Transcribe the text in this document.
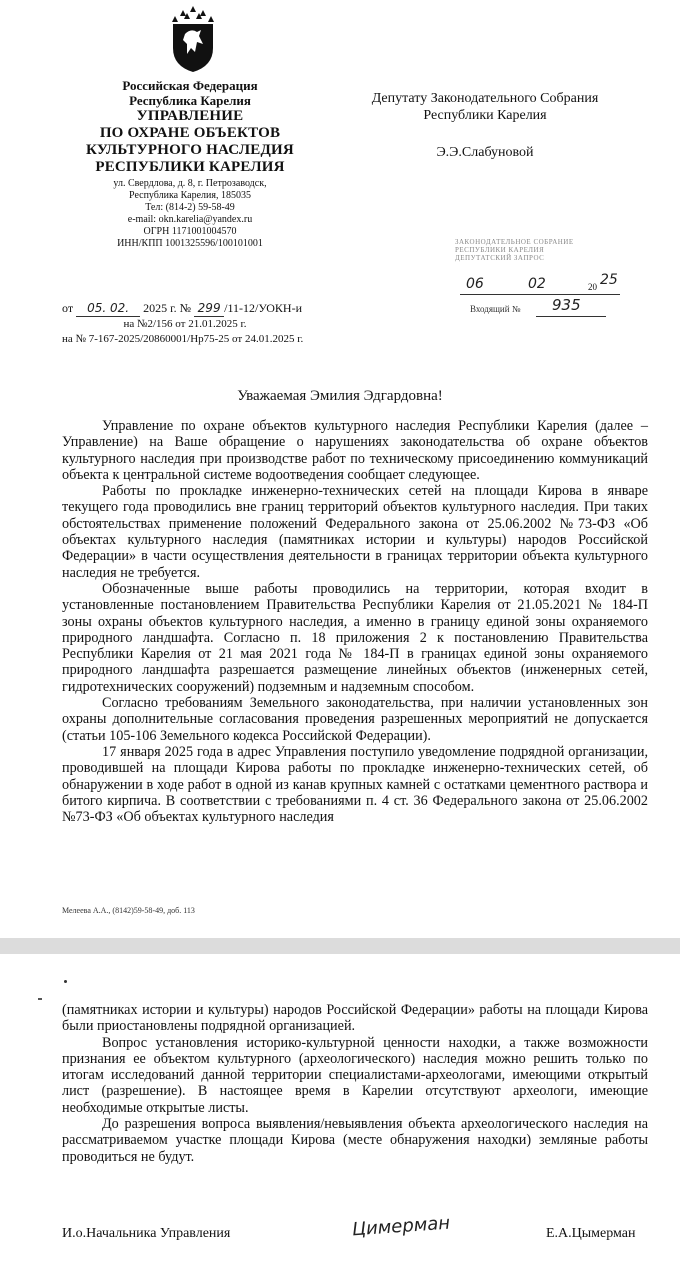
Российская Федерация
Республика Карелия
УПРАВЛЕНИЕ
ПО ОХРАНЕ ОБЪЕКТОВ
КУЛЬТУРНОГО НАСЛЕДИЯ
РЕСПУБЛИКИ КАРЕЛИЯ
ул. Свердлова, д. 8, г. Петрозаводск,
Республика Карелия, 185035
Тел: (814-2) 59-58-49
e-mail: okn.karelia@yandex.ru
ОГРН 1171001004570
ИНН/КПП 1001325596/100101001
Депутату Законодательного Собрания
Республики Карелия
Э.Э.Слабуновой
ЗАКОНОДАТЕЛЬНОЕ СОБРАНИЕ
РЕСПУБЛИКИ КАРЕЛИЯ
ДЕПУТАТСКИЙ ЗАПРОС
06	02	20 25
Входящий № 935
от 05. 02. 2025 г. № 299 /11-12/УОКН-и
на №2/156 от 21.01.2025 г.
на № 7-167-2025/20860001/Нр75-25 от 24.01.2025 г.
Уважаемая Эмилия Эдгардовна!

Управление по охране объектов культурного наследия Республики Карелия (далее – Управление) на Ваше обращение о нарушениях законодательства об охране объектов культурного наследия при производстве работ по техническому присоединению коммуникаций объекта к центральной системе водоотведения сообщает следующее.

Работы по прокладке инженерно-технических сетей на площади Кирова в январе текущего года проводились вне границ территорий объектов культурного наследия. При таких обстоятельствах применение положений Федерального закона от 25.06.2002 №73-ФЗ «Об объектах культурного наследия (памятниках истории и культуры) народов Российской Федерации» в части осуществления деятельности в границах территории объекта культурного наследия не требуется.

Обозначенные выше работы проводились на территории, которая входит в установленные постановлением Правительства Республики Карелия от 21.05.2021 № 184-П зоны охраны объектов культурного наследия, а именно в границу единой зоны охраняемого природного ландшафта. Согласно п. 18 приложения 2 к постановлению Правительства Республики Карелия от 21 мая 2021 года № 184-П в границах единой зоны охраняемого природного ландшафта разрешается размещение линейных объектов (инженерных сетей, гидротехнических сооружений) подземным и надземным способом.

Согласно требованиям Земельного законодательства, при наличии установленных зон охраны дополнительные согласования проведения разрешенных мероприятий не допускается (статьи 105-106 Земельного кодекса Российской Федерации).

17 января 2025 года в адрес Управления поступило уведомление подрядной организации, проводившей на площади Кирова работы по прокладке инженерно-технических сетей, об обнаружении в ходе работ в одной из канав крупных камней с остатками цементного раствора и битого кирпича. В соответствии с требованиями п. 4 ст. 36 Федерального закона от 25.06.2002 №73-ФЗ «Об объектах культурного наследия

Мелеева А.А., (8142)59-58-49, доб. 113

(памятниках истории и культуры) народов Российской Федерации» работы на площади Кирова были приостановлены подрядной организацией.

Вопрос установления историко-культурной ценности находки, а также возможности признания ее объектом культурного (археологического) наследия можно решить только по итогам исследований данной территории специалистами-археологами, имеющими открытый лист (разрешение). В настоящее время в Карелии отсутствуют археологи, имеющие необходимые открытые листы.

До разрешения вопроса выявления/невыявления объекта археологического наследия на рассматриваемом участке площади Кирова (месте обнаружения находки) земляные работы проводиться не будут.

И.о.Начальника Управления	Цимерман	Е.А.Цымерман
